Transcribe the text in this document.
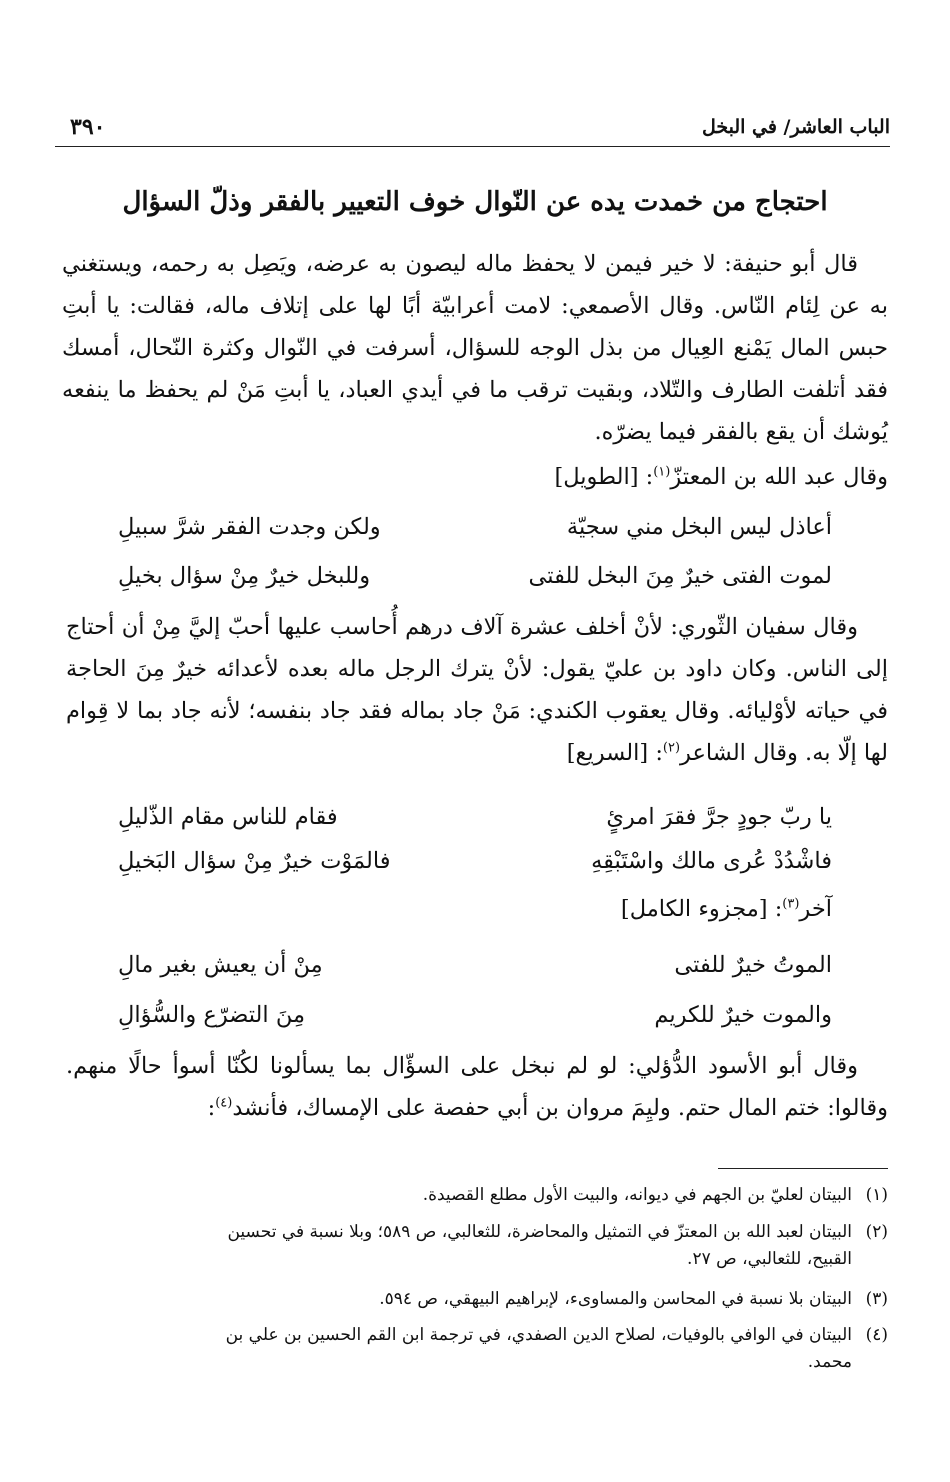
الباب العاشر/ في البخل
٣٩٠
احتجاج من خمدت يده عن النّوال خوف التعيير بالفقر وذلّ السؤال
قال أبو حنيفة: لا خير فيمن لا يحفظ ماله ليصون به عرضه، ويَصِل به رحمه، ويستغني به عن لِئام النّاس. وقال الأصمعي: لامت أعرابيّة أبًا لها على إتلاف ماله، فقالت: يا أبتِ حبس المال يَمْنع العِيال من بذل الوجه للسؤال، أسرفت في النّوال وكثرة النّحال، أمسك فقد أتلفت الطارف والتّلاد، وبقيت ترقب ما في أيدي العباد، يا أبتِ مَنْ لم يحفظ ما ينفعه يُوشك أن يقع بالفقر فيما يضرّه.
وقال عبد الله بن المعتزّ$^{(١)}$: [الطويل]
أعاذل ليس البخل مني سجيّة
ولكن وجدت الفقر شرَّ سبيلِ
لموت الفتى خيرٌ مِنَ البخل للفتى
وللبخل خيرٌ مِنْ سؤال بخيلِ
وقال سفيان الثّوري: لأنْ أخلف عشرة آلاف درهم أُحاسب عليها أحبّ إليَّ مِنْ أن أحتاج إلى الناس. وكان داود بن عليّ يقول: لأنْ يترك الرجل ماله بعده لأعدائه خيرٌ مِنَ الحاجة في حياته لأوْليائه. وقال يعقوب الكندي: مَنْ جاد بماله فقد جاد بنفسه؛ لأنه جاد بما لا قِوام لها إلّا به. وقال الشاعر$^{(٢)}$: [السريع]
يا ربّ جودٍ جرَّ فقرَ امرئٍ
فقام للناس مقام الذّليلِ
فاشْدُدْ عُرى مالك واسْتَبْقِهِ
فالمَوْت خيرٌ مِنْ سؤال البَخيلِ
آخر$^{(٣)}$: [مجزوء الكامل]
الموتُ خيرٌ للفتى
مِنْ أن يعيش بغير مالِ
والموت خيرٌ للكريم
مِنَ التضرّع والسُّؤالِ
وقال أبو الأسود الدُّؤلي: لو لم نبخل على السؤّال بما يسألونا لكُنّا أسوأ حالًا منهم. وقالوا: ختم المال حتم. وليِمَ مروان بن أبي حفصة على الإمساك، فأنشد$^{(٤)}$:
(١)البيتان لعليّ بن الجهم في ديوانه، والبيت الأول مطلع القصيدة.
(٢)البيتان لعبد الله بن المعتزّ في التمثيل والمحاضرة، للثعالبي، ص ٥٨٩؛ وبلا نسبة في تحسين
القبيح، للثعالبي، ص ٢٧.
(٣)البيتان بلا نسبة في المحاسن والمساوىء، لإبراهيم البيهقي، ص ٥٩٤.
(٤)البيتان في الوافي بالوفيات، لصلاح الدين الصفدي، في ترجمة ابن القم الحسين بن علي بن
محمد.
